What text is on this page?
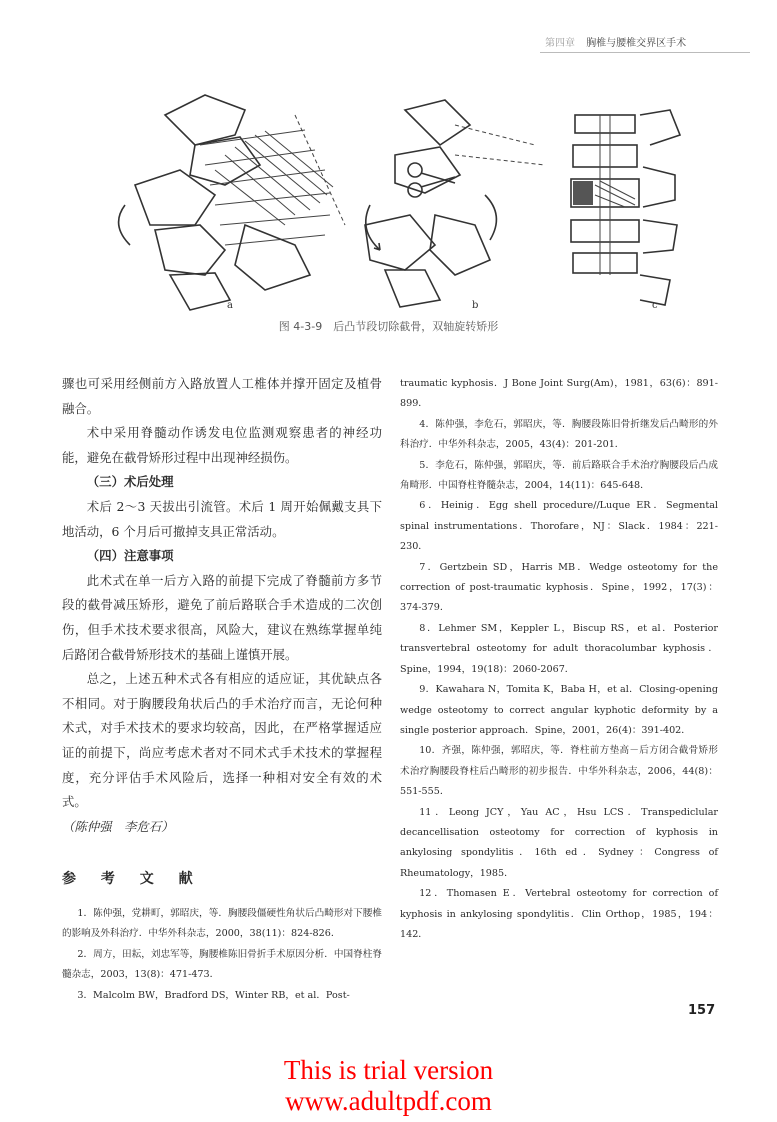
第四章 胸椎与腰椎交界区手术
a	b	c
图 4-3-9　后凸节段切除截骨，双轴旋转矫形

骤也可采用经侧前方入路放置人工椎体并撑开固定及植骨融合。

术中采用脊髓动作诱发电位监测观察患者的神经功能，避免在截骨矫形过程中出现神经损伤。

（三）术后处理

术后 2～3 天拔出引流管。术后 1 周开始佩戴支具下地活动，6 个月后可撤掉支具正常活动。

（四）注意事项

此术式在单一后方入路的前提下完成了脊髓前方多节段的截骨减压矫形，避免了前后路联合手术造成的二次创伤，但手术技术要求很高，风险大，建议在熟练掌握单纯后路闭合截骨矫形技术的基础上谨慎开展。

总之，上述五种术式各有相应的适应证，其优缺点各不相同。对于胸腰段角状后凸的手术治疗而言，无论何种术式，对手术技术的要求均较高，因此，在严格掌握适应证的前提下，尚应考虑术者对不同术式手术技术的掌握程度，充分评估手术风险后，选择一种相对安全有效的术式。

（陈仲强　李危石）

参 考 文 献

1．陈仲强，党耕町，郭昭庆，等．胸腰段僵硬性角状后凸畸形对下腰椎的影响及外科治疗．中华外科杂志，2000，38(11)：824-826．

2．周方，田耘，刘忠军等，胸腰椎陈旧骨折手术原因分析．中国脊柱脊髓杂志，2003，13(8)：471-473．

3．Malcolm BW，Bradford DS，Winter RB，et al．Post-

traumatic kyphosis．J Bone Joint Surg(Am)，1981，63(6)：891-899．

4．陈仲强，李危石，郭昭庆，等．胸腰段陈旧骨折继发后凸畸形的外科治疗．中华外科杂志，2005，43(4)：201-201．

5．李危石，陈仲强，郭昭庆，等．前后路联合手术治疗胸腰段后凸成角畸形．中国脊柱脊髓杂志，2004，14(11)：645-648．

6．Heinig．Egg shell procedure//Luque ER．Segmental spinal instrumentations．Thorofare，NJ：Slack．1984：221-230．

7．Gertzbein SD，Harris MB．Wedge osteotomy for the correction of post-traumatic kyphosis．Spine，1992，17(3)：374-379．

8．Lehmer SM，Keppler L，Biscup RS，et al．Posterior transvertebral osteotomy for adult thoracolumbar kyphosis．Spine，1994，19(18)：2060-2067．

9．Kawahara N，Tomita K，Baba H，et al．Closing-opening wedge osteotomy to correct angular kyphotic deformity by a single posterior approach．Spine，2001，26(4)：391-402．

10．齐强，陈仲强，郭昭庆，等．脊柱前方垫高－后方闭合截骨矫形术治疗胸腰段脊柱后凸畸形的初步报告．中华外科杂志，2006，44(8)：551-555．

11．Leong JCY，Yau AC，Hsu LCS．Transpediclular decancellisation osteotomy for correction of kyphosis in ankylosing spondylitis．16th ed．Sydney：Congress of Rheumatology，1985．

12．Thomasen E．Vertebral osteotomy for correction of kyphosis in ankylosing spondylitis．Clin Orthop，1985，194：142．

157
This is trial version
www.adultpdf.com
